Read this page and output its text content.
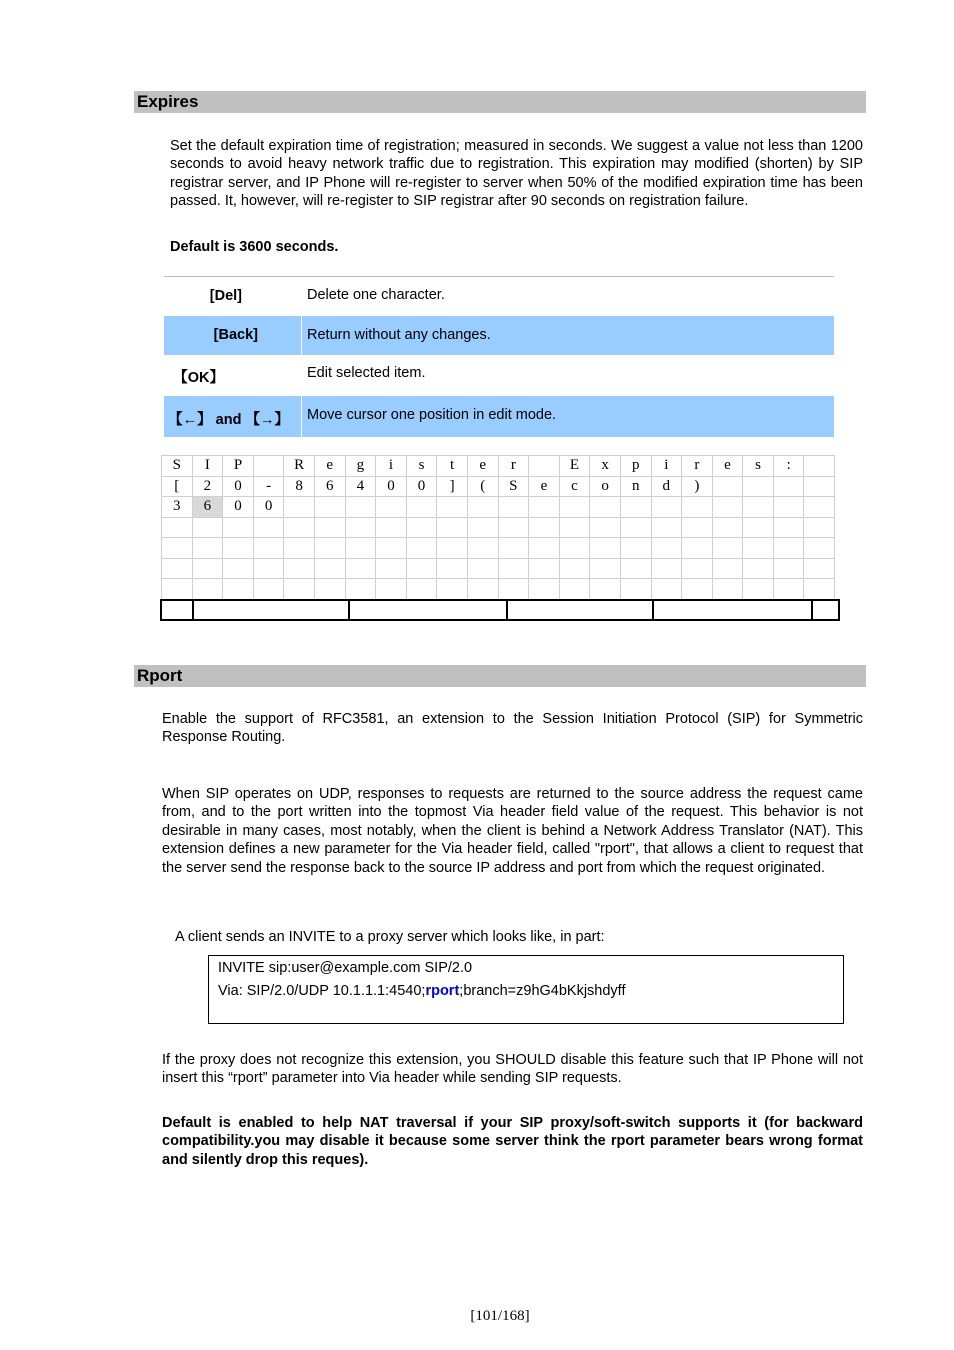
Expires
Set the default expiration time of registration; measured in seconds. We suggest a value not less than 1200 seconds to avoid heavy network traffic due to registration. This expiration may modified (shorten) by SIP registrar server, and IP Phone will re-register to server when 50% of the modified expiration time has been passed. It, however, will re-register to SIP registrar after 90 seconds on registration failure.
Default is 3600 seconds.
[Del]	Delete one character.
[Back]	Return without any changes.
【OK】	Edit selected item.
【←】 and 【→】	Move cursor one position in edit mode.
S	I	P		R	e	g	i	s	t	e	r		E	x	p	i	r	e	s	:	
[	2	0	-	8	6	4	0	0	]	(	S	e	c	o	n	d	)				
3	6	0	0																		

Rport
Enable the support of RFC3581, an extension to the Session Initiation Protocol (SIP) for Symmetric Response Routing.
When SIP operates on UDP, responses to requests are returned to the source address the request came from, and to the port written into the topmost Via header field value of the request. This behavior is not desirable in many cases, most notably, when the client is behind a Network Address Translator (NAT). This extension defines a new parameter for the Via header field, called "rport", that allows a client to request that the server send the response back to the source IP address and port from which the request originated.
A client sends an INVITE to a proxy server which looks like, in part:
INVITE sip:user@example.com SIP/2.0
Via: SIP/2.0/UDP 10.1.1.1:4540;rport;branch=z9hG4bKkjshdyff
If the proxy does not recognize this extension, you SHOULD disable this feature such that IP Phone will not insert this “rport” parameter into Via header while sending SIP requests.
Default is enabled to help NAT traversal if your SIP proxy/soft-switch supports it (for backward compatibility.you may disable it because some server think the rport parameter bears wrong format and silently drop this reques).
[101/168]
